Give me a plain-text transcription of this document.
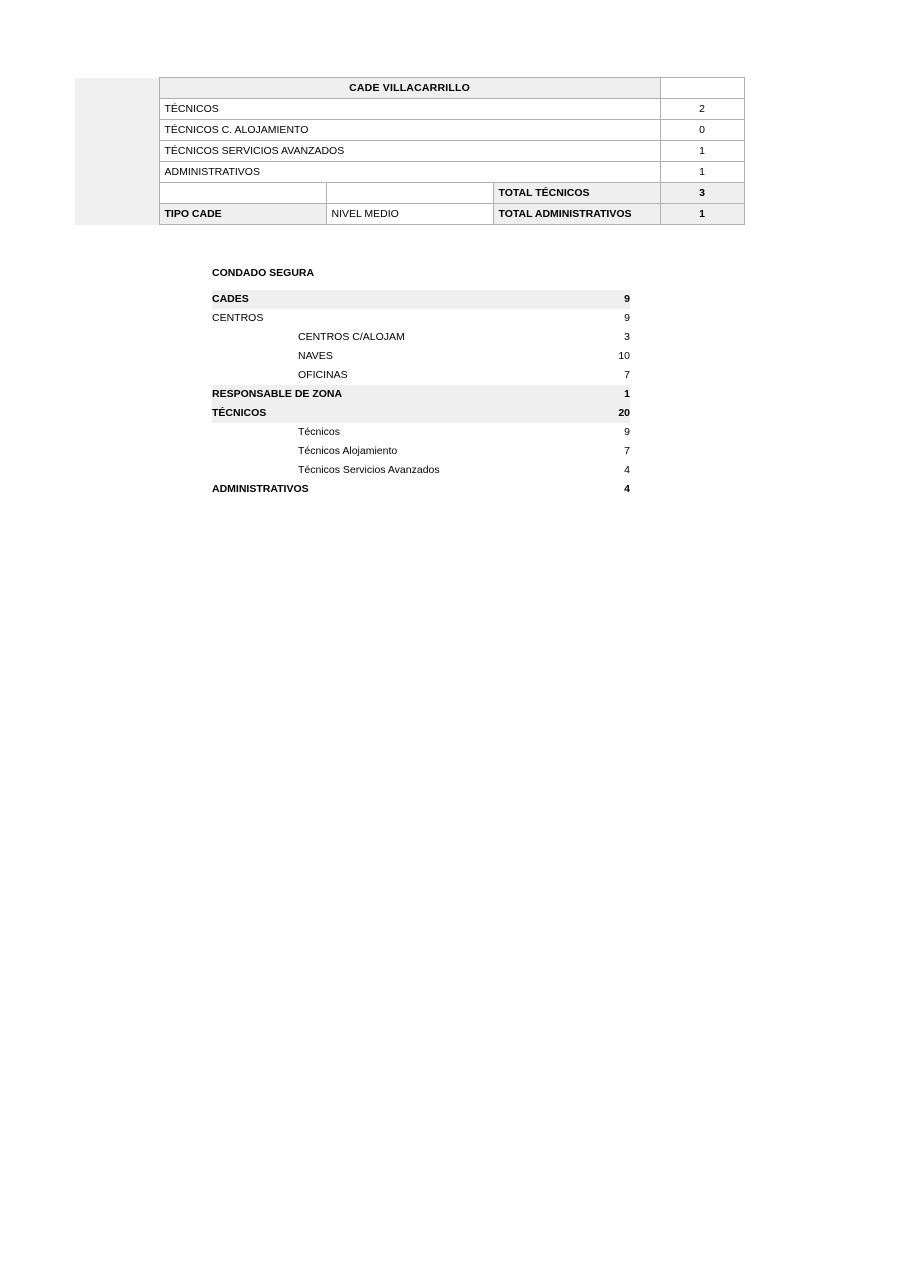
	CADE VILLACARRILLO			
	TÉCNICOS			2
	TÉCNICOS C. ALOJAMIENTO			0
	TÉCNICOS SERVICIOS AVANZADOS			1
	ADMINISTRATIVOS			1
			TOTAL TÉCNICOS	3
	TIPO CADE	NIVEL MEDIO	TOTAL ADMINISTRATIVOS	1
CONDADO SEGURA
CADES	9
CENTROS	9
CENTROS C/ALOJAM	3
NAVES	10
OFICINAS	7
RESPONSABLE DE ZONA	1
TÉCNICOS	20
Técnicos	9
Técnicos Alojamiento	7
Técnicos Servicios Avanzados	4
ADMINISTRATIVOS	4
